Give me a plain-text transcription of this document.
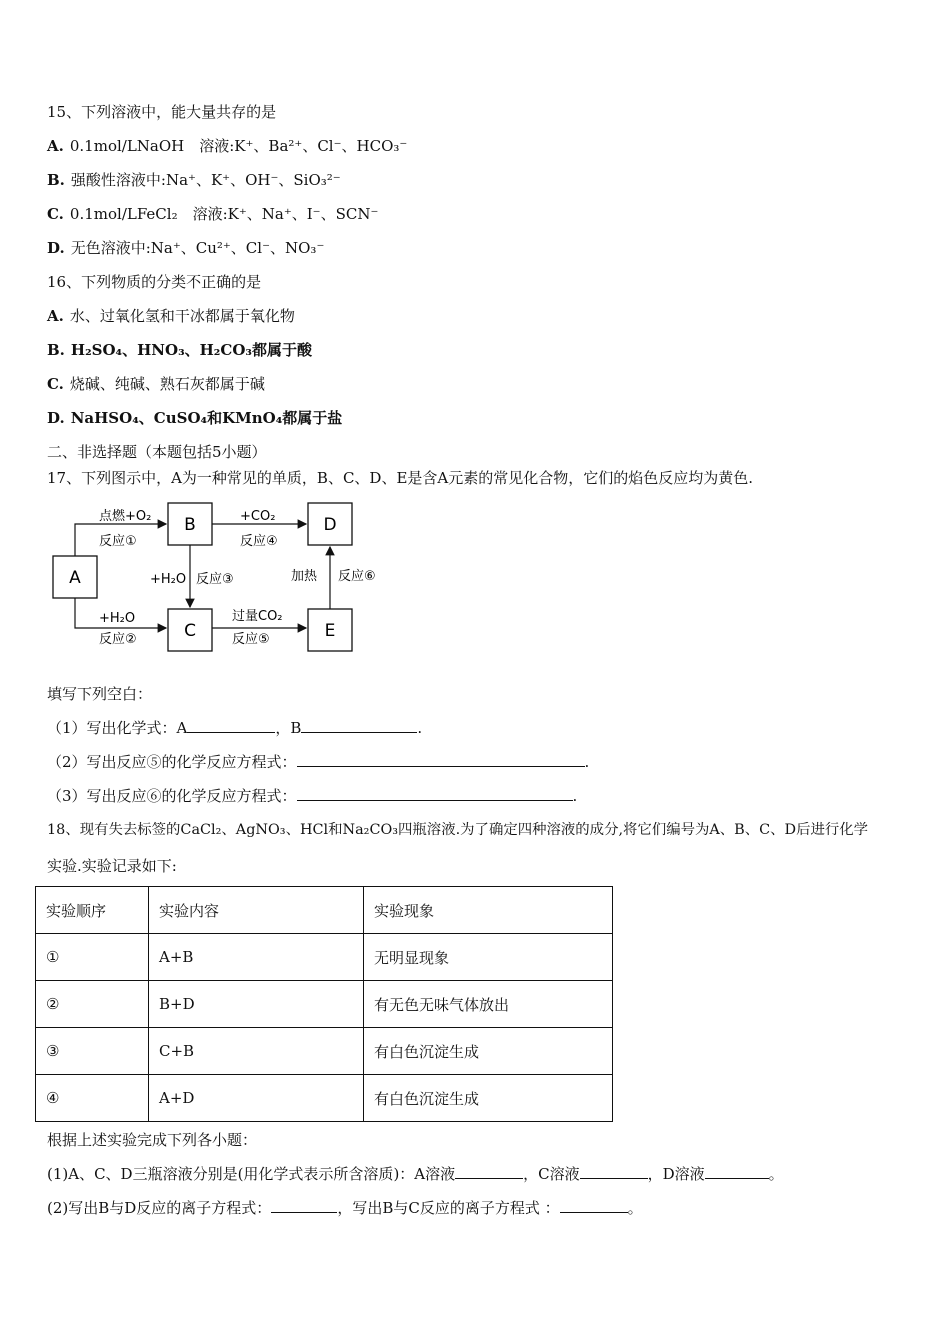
15、下列溶液中，能大量共存的是
A. 0.1mol/LNaOH　溶液:K⁺、Ba²⁺、Cl⁻、HCO₃⁻
B. 强酸性溶液中:Na⁺、K⁺、OH⁻、SiO₃²⁻
C. 0.1mol/LFeCl₂　溶液:K⁺、Na⁺、I⁻、SCN⁻
D. 无色溶液中:Na⁺、Cu²⁺、Cl⁻、NO₃⁻
16、下列物质的分类不正确的是
A. 水、过氧化氢和干冰都属于氧化物
B. H₂SO₄、HNO₃、H₂CO₃都属于酸
C. 烧碱、纯碱、熟石灰都属于碱
D. NaHSO₄、CuSO₄和KMnO₄都属于盐
二、非选择题（本题包括5小题）
17、下列图示中，A为一种常见的单质，B、C、D、E是含A元素的常见化合物，它们的焰色反应均为黄色.
A
B
C
D
E
点燃+O₂
反应①
+H₂O
反应②
+H₂O 反应③
+CO₂
反应④
过量CO₂
反应⑤
加热 反应⑥
填写下列空白：
（1）写出化学式：A	，B	.
（2）写出反应⑤的化学反应方程式：	.
（3）写出反应⑥的化学反应方程式：	.
18、现有失去标签的CaCl₂、AgNO₃、HCl和Na₂CO₃四瓶溶液.为了确定四种溶液的成分,将它们编号为A、B、C、D后进行化学
实验.实验记录如下:
实验顺序	实验内容	实验现象
①	A+B	无明显现象
②	B+D	有无色无味气体放出
③	C+B	有白色沉淀生成
④	A+D	有白色沉淀生成
根据上述实验完成下列各小题：
(1)A、C、D三瓶溶液分别是(用化学式表示所含溶质)：A溶液	，C溶液	，D溶液	。
(2)写出B与D反应的离子方程式：	，写出B与C反应的离子方程式 ：	。
